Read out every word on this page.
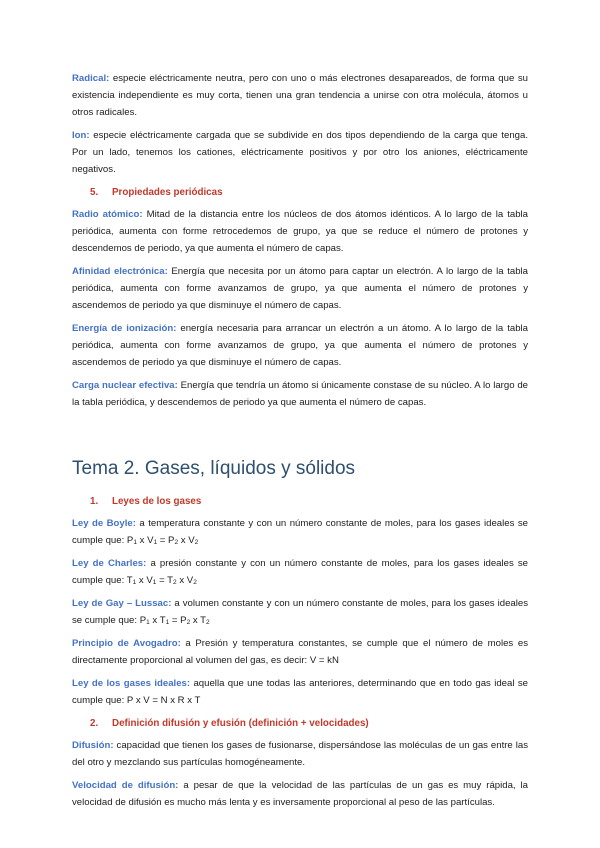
Radical: especie eléctricamente neutra, pero con uno o más electrones desapareados, de forma que su existencia independiente es muy corta, tienen una gran tendencia a unirse con otra molécula, átomos u otros radicales.

Ion: especie eléctricamente cargada que se subdivide en dos tipos dependiendo de la carga que tenga. Por un lado, tenemos los cationes, eléctricamente positivos y por otro los aniones, eléctricamente negativos.

5. Propiedades periódicas

Radio atómico: Mitad de la distancia entre los núcleos de dos átomos idénticos. A lo largo de la tabla periódica, aumenta con forme retrocedemos de grupo, ya que se reduce el número de protones y descendemos de periodo, ya que aumenta el número de capas.

Afinidad electrónica: Energía que necesita por un átomo para captar un electrón. A lo largo de la tabla periódica, aumenta con forme avanzamos de grupo, ya que aumenta el número de protones y ascendemos de periodo ya que disminuye el número de capas.

Energía de ionización: energía necesaria para arrancar un electrón a un átomo. A lo largo de la tabla periódica, aumenta con forme avanzamos de grupo, ya que aumenta el número de protones y ascendemos de periodo ya que disminuye el número de capas.

Carga nuclear efectiva: Energía que tendría un átomo si únicamente constase de su núcleo. A lo largo de la tabla periódica, y descendemos de periodo ya que aumenta el número de capas.

Tema 2. Gases, líquidos y sólidos
1. Leyes de los gases

Ley de Boyle: a temperatura constante y con un número constante de moles, para los gases ideales se cumple que: $P_1$ x $V_1 = P_2$ x $V_2$

Ley de Charles: a presión constante y con un número constante de moles, para los gases ideales se cumple que: $T_1$ x $V_1 = T_2$ x $V_2$

Ley de Gay – Lussac: a volumen constante y con un número constante de moles, para los gases ideales se cumple que: $P_1$ x $T_1 = P_2$ x $T_2$

Principio de Avogadro: a Presión y temperatura constantes, se cumple que el número de moles es directamente proporcional al volumen del gas, es decir: V = kN

Ley de los gases ideales: aquella que une todas las anteriores, determinando que en todo gas ideal se cumple que: P x V = N x R x T

2. Definición difusión y efusión (definición + velocidades)

Difusión: capacidad que tienen los gases de fusionarse, dispersándose las moléculas de un gas entre las del otro y mezclando sus partículas homogéneamente.

Velocidad de difusión: a pesar de que la velocidad de las partículas de un gas es muy rápida, la velocidad de difusión es mucho más lenta y es inversamente proporcional al peso de las partículas.
